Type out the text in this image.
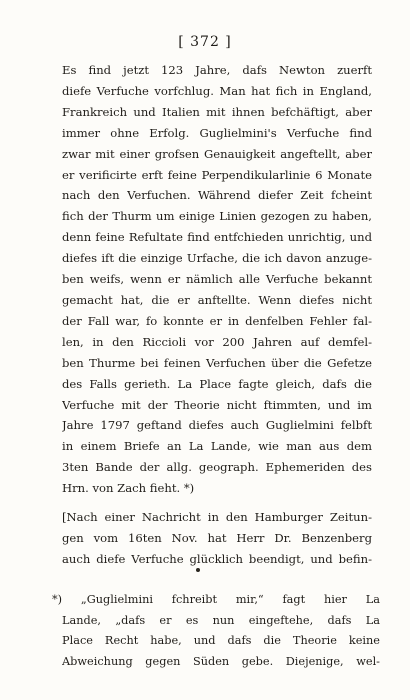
[ 372 ]
Es find jetzt 123 Jahre, dafs Newton zuerft
diefe Verfuche vorfchlug. Man hat fich in England,
Frankreich und Italien mit ihnen befchäftigt, aber
immer ohne Erfolg. Guglielmini's Verfuche find
zwar mit einer grofsen Genauigkeit angeftellt, aber
er verificirte erft feine Perpendikularlinie 6 Monate
nach den Verfuchen. Während diefer Zeit fcheint
fich der Thurm um einige Linien gezogen zu haben,
denn feine Refultate find entfchieden unrichtig, und
diefes ift die einzige Urfache, die ich davon anzuge-
ben weifs, wenn er nämlich alle Verfuche bekannt
gemacht hat, die er anftellte. Wenn diefes nicht
der Fall war, fo konnte er in denfelben Fehler fal-
len, in den Riccioli vor 200 Jahren auf demfel-
ben Thurme bei feinen Verfuchen über die Gefetze
des Falls gerieth. La Place fagte gleich, dafs die
Verfuche mit der Theorie nicht ftimmten, und im
Jahre 1797 geftand diefes auch Guglielmini felbft
in einem Briefe an La Lande, wie man aus dem
3ten Bande der allg. geograph. Ephemeriden des
Hrn. von Zach fieht. *)
[Nach einer Nachricht in den Hamburger Zeitun-
gen vom 16ten Nov. hat Herr Dr. Benzenberg
auch diefe Verfuche glücklich beendigt, und befin-
*) „Guglielmini fchreibt mir,“ fagt hier La
Lande, „dafs er es nun eingeftehe, dafs La
Place Recht habe, und dafs die Theorie keine
Abweichung gegen Süden gebe. Diejenige, wel-
